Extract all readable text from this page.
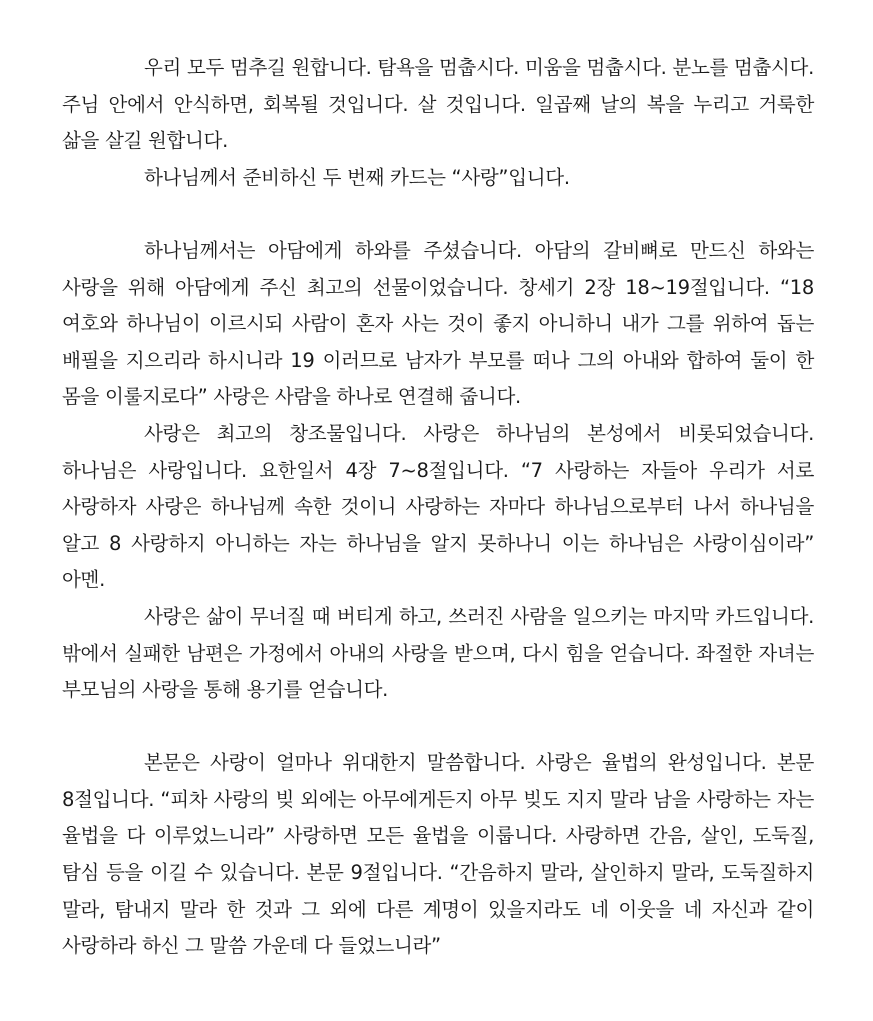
우리 모두 멈추길 원합니다. 탐욕을 멈춥시다. 미움을 멈춥시다. 분노를 멈춥시다. 주님 안에서 안식하면, 회복될 것입니다. 살 것입니다. 일곱째 날의 복을 누리고 거룩한 삶을 살길 원합니다.

하나님께서 준비하신 두 번째 카드는 “사랑”입니다.

하나님께서는 아담에게 하와를 주셨습니다. 아담의 갈비뼈로 만드신 하와는 사랑을 위해 아담에게 주신 최고의 선물이었습니다. 창세기 2장 18~19절입니다. “18 여호와 하나님이 이르시되 사람이 혼자 사는 것이 좋지 아니하니 내가 그를 위하여 돕는 배필을 지으리라 하시니라 19 이러므로 남자가 부모를 떠나 그의 아내와 합하여 둘이 한 몸을 이룰지로다” 사랑은 사람을 하나로 연결해 줍니다.

사랑은 최고의 창조물입니다. 사랑은 하나님의 본성에서 비롯되었습니다. 하나님은 사랑입니다. 요한일서 4장 7~8절입니다. “7 사랑하는 자들아 우리가 서로 사랑하자 사랑은 하나님께 속한 것이니 사랑하는 자마다 하나님으로부터 나서 하나님을 알고 8 사랑하지 아니하는 자는 하나님을 알지 못하나니 이는 하나님은 사랑이심이라” 아멘.

사랑은 삶이 무너질 때 버티게 하고, 쓰러진 사람을 일으키는 마지막 카드입니다. 밖에서 실패한 남편은 가정에서 아내의 사랑을 받으며, 다시 힘을 얻습니다. 좌절한 자녀는 부모님의 사랑을 통해 용기를 얻습니다.

본문은 사랑이 얼마나 위대한지 말씀합니다. 사랑은 율법의 완성입니다. 본문 8절입니다. “피차 사랑의 빚 외에는 아무에게든지 아무 빚도 지지 말라 남을 사랑하는 자는 율법을 다 이루었느니라” 사랑하면 모든 율법을 이룹니다. 사랑하면 간음, 살인, 도둑질, 탐심 등을 이길 수 있습니다. 본문 9절입니다. “간음하지 말라, 살인하지 말라, 도둑질하지 말라, 탐내지 말라 한 것과 그 외에 다른 계명이 있을지라도 네 이웃을 네 자신과 같이 사랑하라 하신 그 말씀 가운데 다 들었느니라”
